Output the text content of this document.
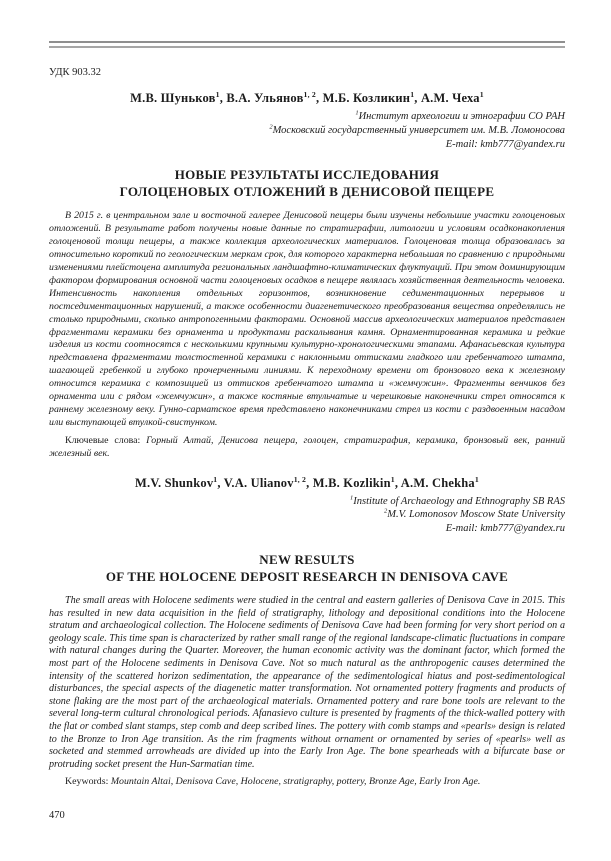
УДК 903.32
М.В. Шуньков$^1$, В.А. Ульянов$^{1, 2}$, М.Б. Козликин$^1$, А.М. Чеха$^1$
$^1$Институт археологии и этнографии СО РАН
$^2$Московский государственный университет им. М.В. Ломоносова
E-mail: kmb777@yandex.ru
НОВЫЕ РЕЗУЛЬТАТЫ ИССЛЕДОВАНИЯ
ГОЛОЦЕНОВЫХ ОТЛОЖЕНИЙ В ДЕНИСОВОЙ ПЕЩЕРЕ
В 2015 г. в центральном зале и восточной галерее Денисовой пещеры были изучены небольшие участки голоценовых отложений. В результате работ получены новые данные по стратиграфии, литологии и условиям осадконакопления голоценовой толщи пещеры, а также коллекция археологических материалов. Голоценовая толща образовалась за относительно короткий по геологическим меркам срок, для которого характерна небольшая по сравнению с природными изменениями плейстоцена амплитуда региональных ландшафтно-климатических флуктуаций. При этом доминирующим фактором формирования основной части голоценовых осадков в пещере являлась хозяйственная деятельность человека. Интенсивность накопления отдельных горизонтов, возникновение седиментационных перерывов и постседиментационных нарушений, а также особенности диагенетического преобразования вещества определялись не столько природными, сколько антропогенными факторами. Основной массив археологических материалов представлен фрагментами керамики без орнамента и продуктами раскалывания камня. Орнаментированная керамика и редкие изделия из кости соотносятся с несколькими крупными культурно-хронологическими этапами. Афанасьевская культура представлена фрагментами толстостенной керамики с наклонными оттисками гладкого или гребенчатого штампа, шагающей гребенкой и глубоко прочерченными линиями. К переходному времени от бронзового века к железному относится керамика с композицией из оттисков гребенчатого штампа и «жемчужин». Фрагменты венчиков без орнамента или с рядом «жемчужин», а также костяные втульчатые и черешковые наконечники стрел относятся к раннему железному веку. Гунно-сарматское время представлено наконечниками стрел из кости с раздвоенным насадом или выступающей втулкой-свистунком.
Ключевые слова: Горный Алтай, Денисова пещера, голоцен, стратиграфия, керамика, бронзовый век, ранний железный век.
M.V. Shunkov$^1$, V.A. Ulianov$^{1, 2}$, M.B. Kozlikin$^1$, A.M. Chekha$^1$
$^1$Institute of Archaeology and Ethnography SB RAS
$^2$M.V. Lomonosov Moscow State University
E-mail: kmb777@yandex.ru
NEW RESULTS
OF THE HOLOCENE DEPOSIT RESEARCH IN DENISOVA CAVE
The small areas with Holocene sediments were studied in the central and eastern galleries of Denisova Cave in 2015. This has resulted in new data acquisition in the field of stratigraphy, lithology and depositional conditions into the Holocene stratum and archaeological collection. The Holocene sediments of Denisova Cave had been forming for very short period on a geology scale. This time span is characterized by rather small range of the regional landscape-climatic fluctuations in compare with natural changes during the Quarter. Moreover, the human economic activity was the dominant factor, which formed the most part of the Holocene sediments in Denisova Cave. Not so much natural as the anthropogenic causes determined the intensity of the scattered horizon sedimentation, the appearance of the sedimentological hiatus and post-sedimentological disturbances, the special aspects of the diagenetic matter transformation. Not ornamented pottery fragments and products of stone flaking are the most part of the archaeological materials. Ornamented pottery and rare bone tools are relevant to the several long-term cultural chronological periods. Afanasievo culture is presented by fragments of the thick-walled pottery with the flat or combed slant stamps, step comb and deep scribed lines. The pottery with comb stamps and «pearls» design is related to the Bronze to Iron Age transition. As the rim fragments without ornament or ornamented by series of «pearls» well as socketed and stemmed arrowheads are divided up into the Early Iron Age. The bone spearheads with a bifurcate base or protruding socket present the Hun-Sarmatian time.
Keywords: Mountain Altai, Denisova Cave, Holocene, stratigraphy, pottery, Bronze Age, Early Iron Age.
470
